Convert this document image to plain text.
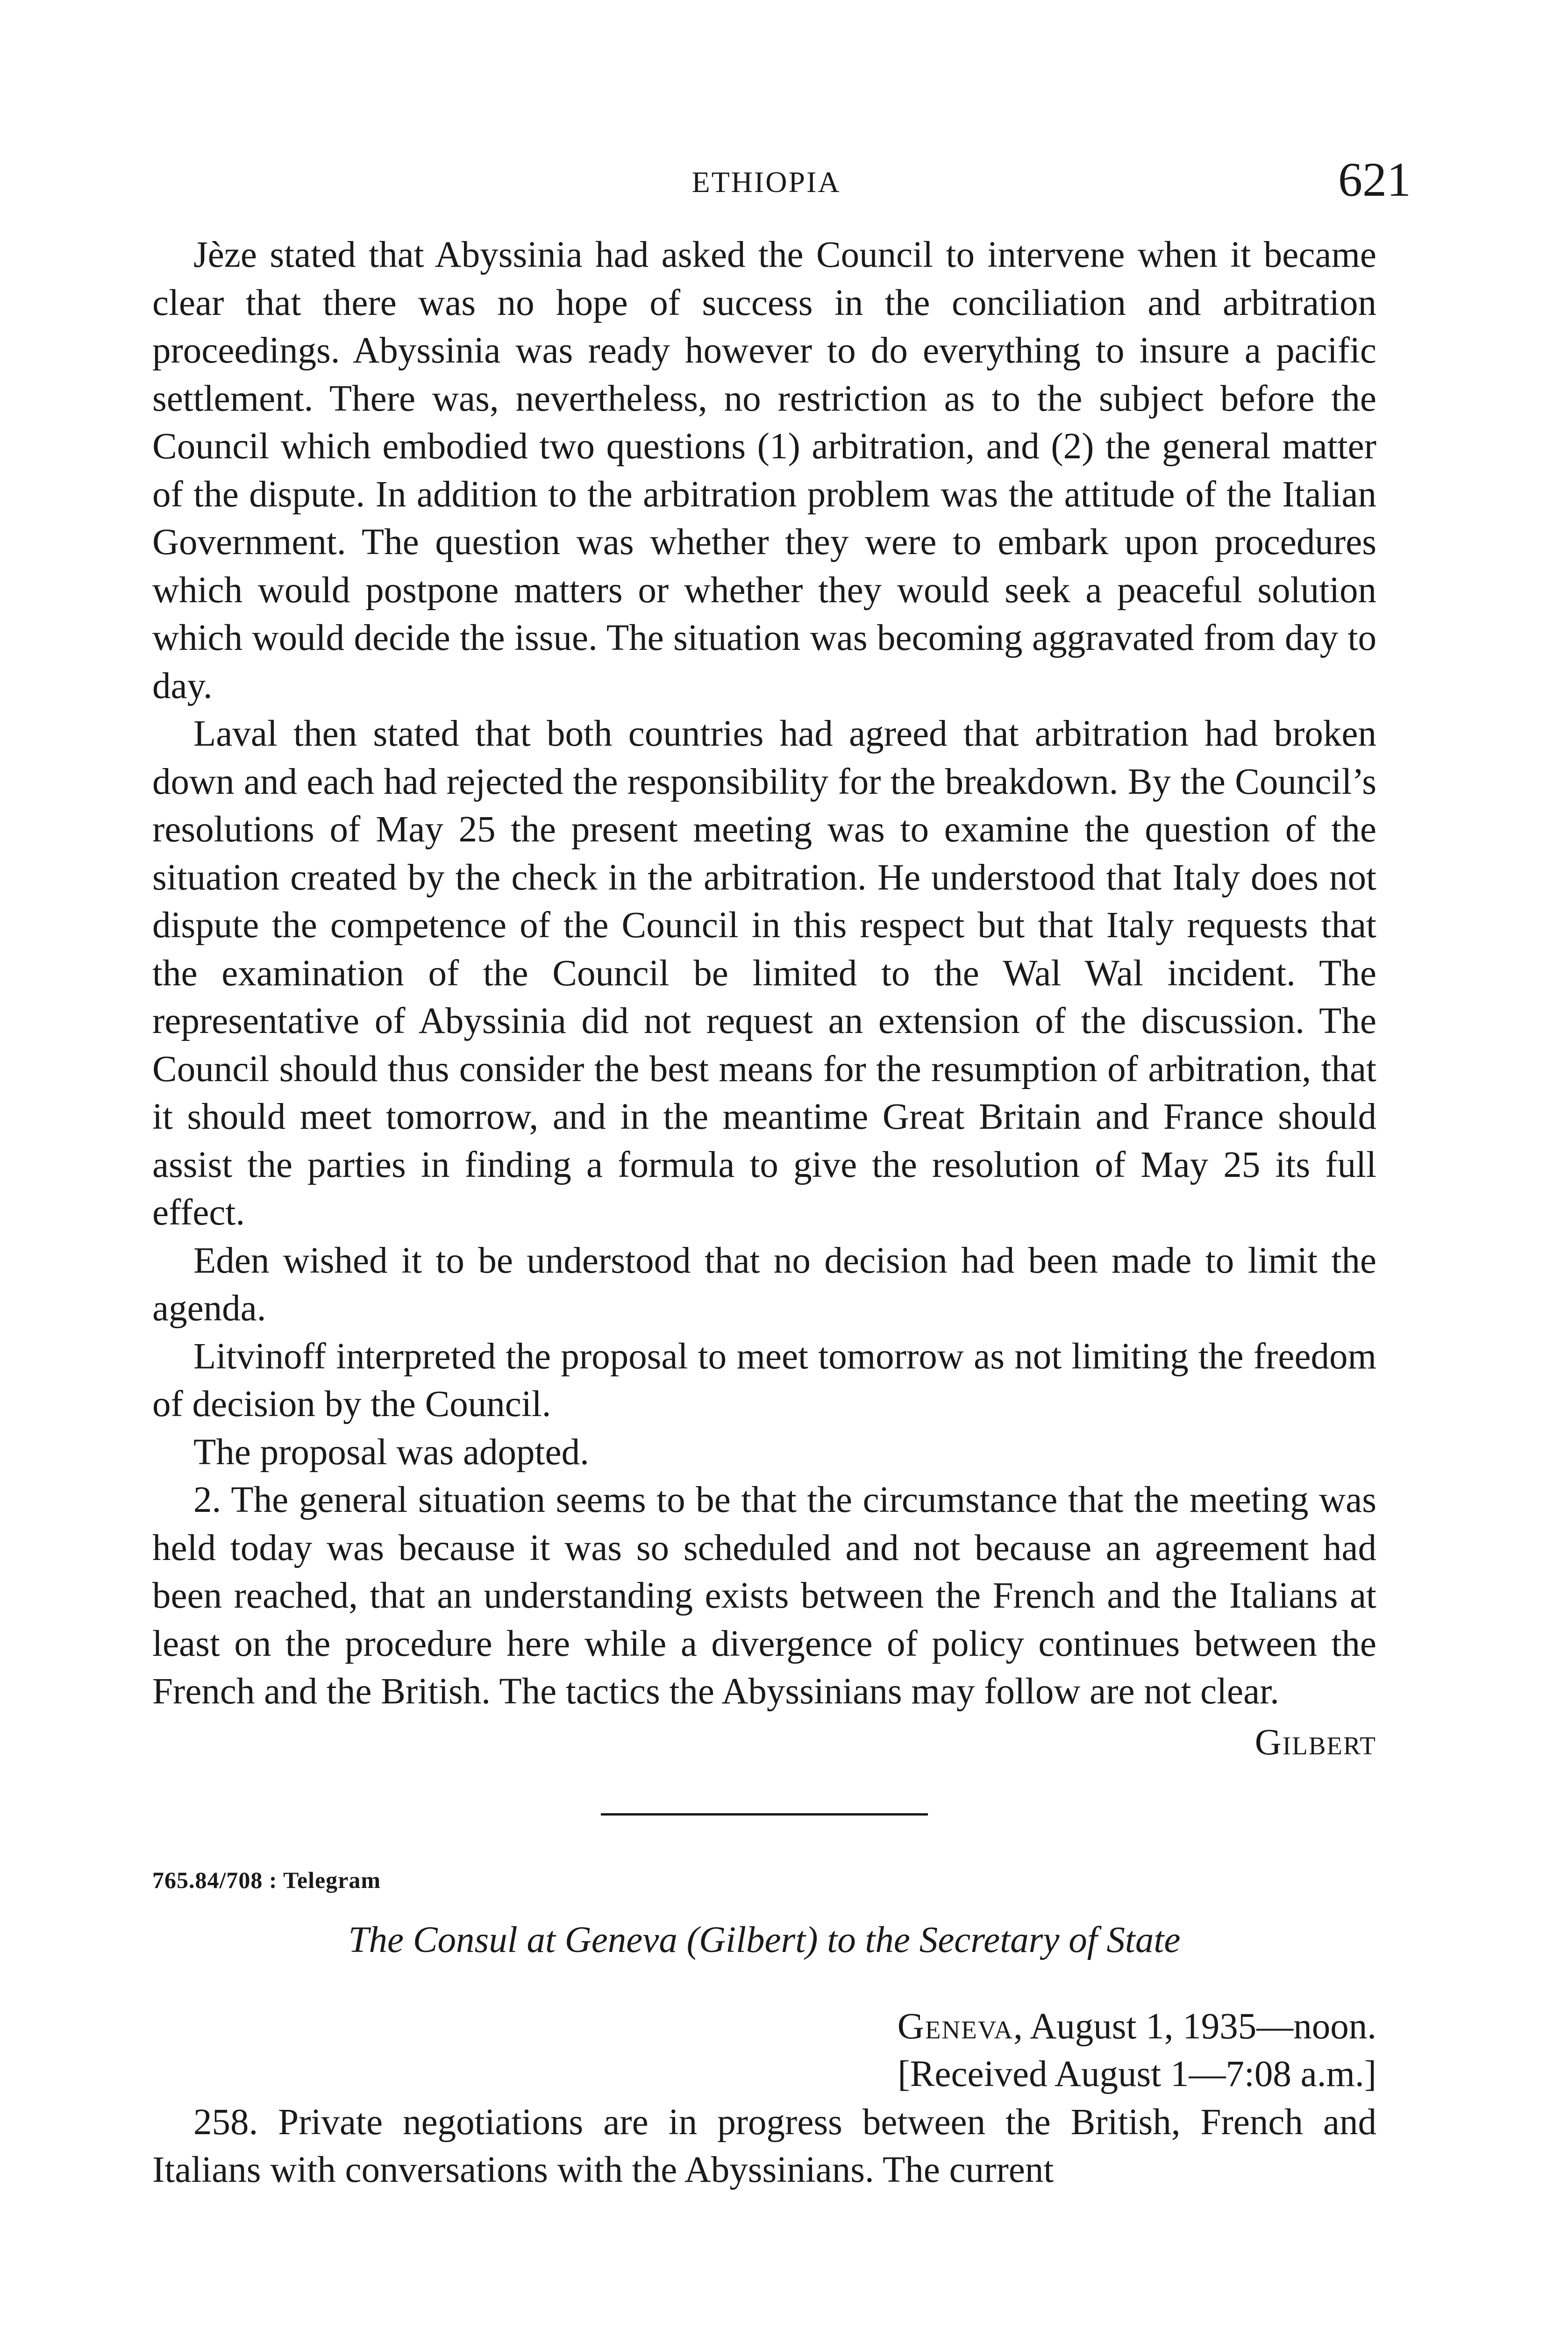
ETHIOPIA	621

Jèze stated that Abyssinia had asked the Council to intervene when it became clear that there was no hope of success in the conciliation and arbitration proceedings. Abyssinia was ready however to do everything to insure a pacific settlement. There was, nevertheless, no restriction as to the subject before the Council which embodied two questions (1) arbitration, and (2) the general matter of the dispute. In addition to the arbitration problem was the attitude of the Italian Government. The question was whether they were to embark upon procedures which would postpone matters or whether they would seek a peaceful solution which would decide the issue. The situation was becoming aggravated from day to day.

Laval then stated that both countries had agreed that arbitration had broken down and each had rejected the responsibility for the breakdown. By the Council’s resolutions of May 25 the present meeting was to examine the question of the situation created by the check in the arbitration. He understood that Italy does not dispute the competence of the Council in this respect but that Italy requests that the examination of the Council be limited to the Wal Wal incident. The representative of Abyssinia did not request an extension of the discussion. The Council should thus consider the best means for the resumption of arbitration, that it should meet tomorrow, and in the meantime Great Britain and France should assist the parties in finding a formula to give the resolution of May 25 its full effect.

Eden wished it to be understood that no decision had been made to limit the agenda.

Litvinoff interpreted the proposal to meet tomorrow as not limiting the freedom of decision by the Council.

The proposal was adopted.

2. The general situation seems to be that the circumstance that the meeting was held today was because it was so scheduled and not because an agreement had been reached, that an understanding exists between the French and the Italians at least on the procedure here while a divergence of policy continues between the French and the British. The tactics the Abyssinians may follow are not clear.

Gilbert
765.84/708 : Telegram
The Consul at Geneva (Gilbert) to the Secretary of State
Geneva, August 1, 1935—noon.
[Received August 1—7:08 a.m.]

258. Private negotiations are in progress between the British, French and Italians with conversations with the Abyssinians. The current
